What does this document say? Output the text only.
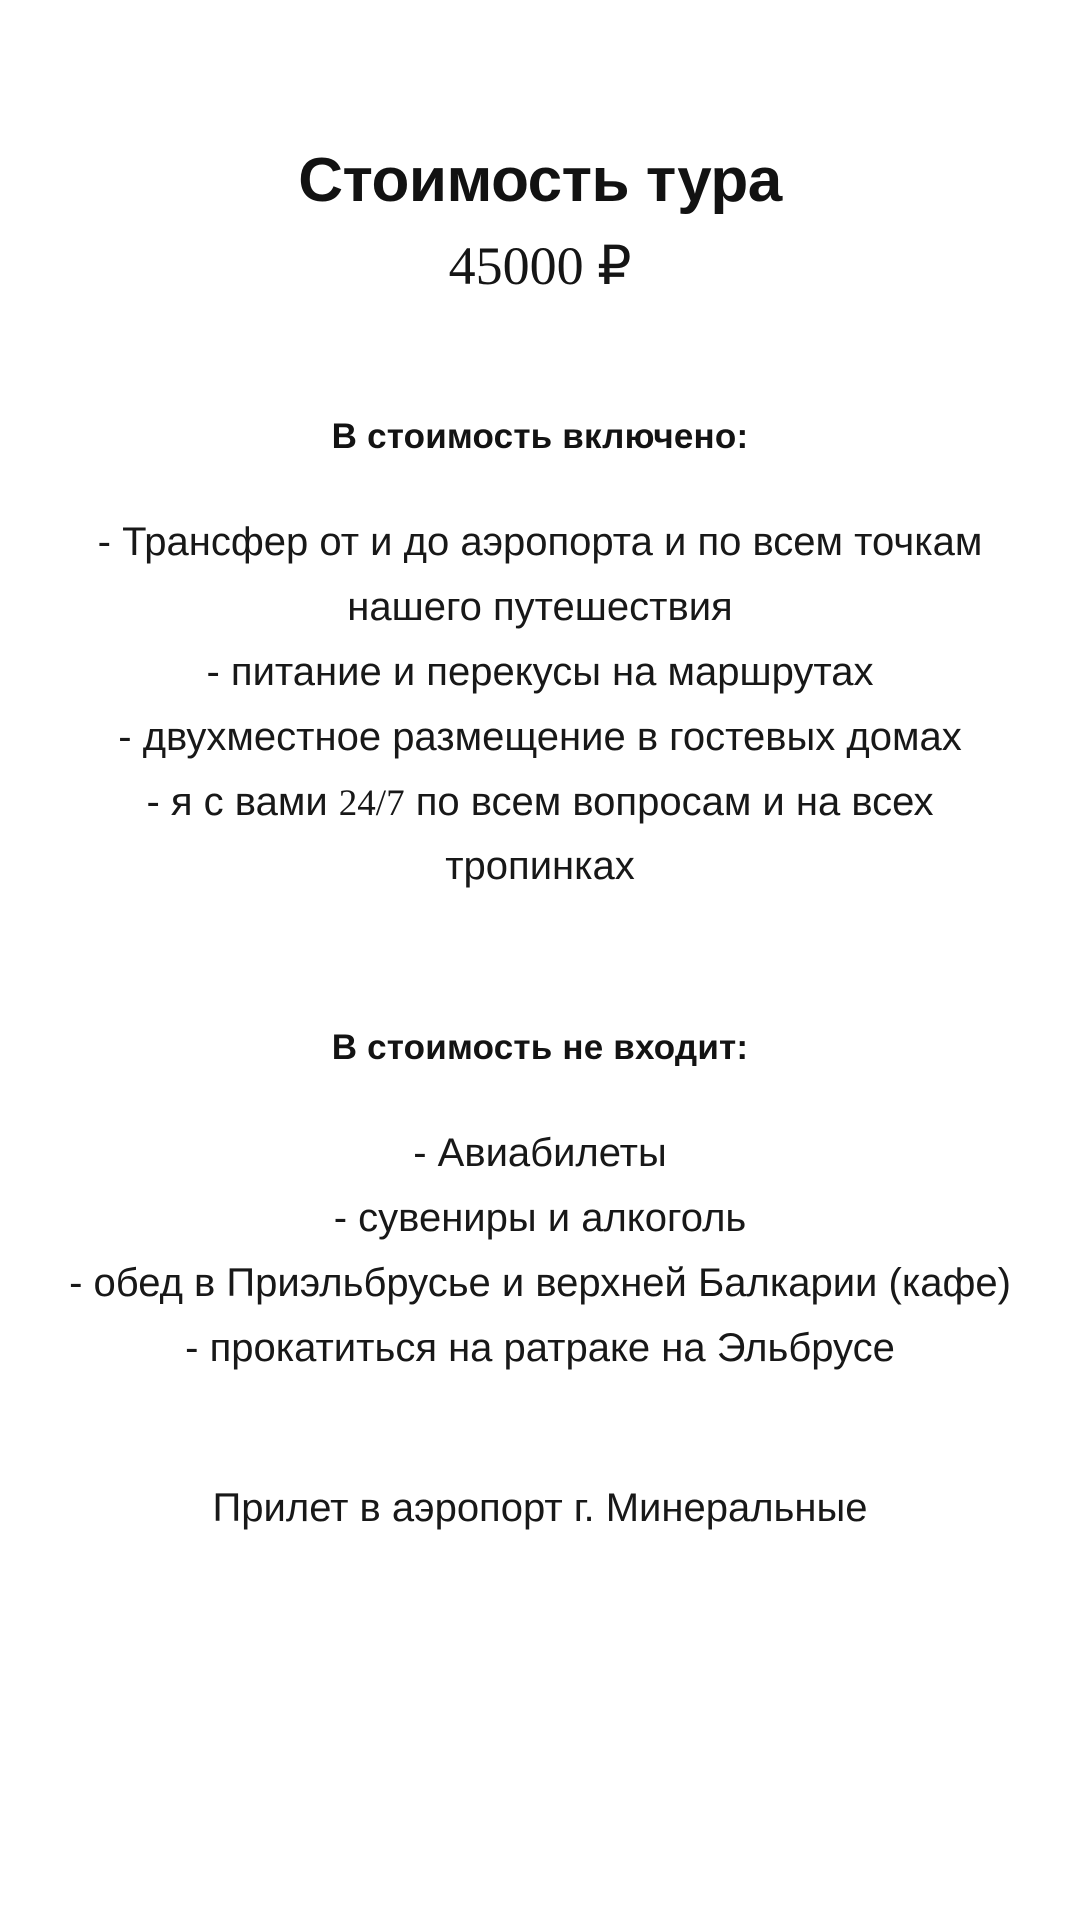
Стоимость тура
45000 ₽
В стоимость включено:
- Трансфер от и до аэропорта и по всем точкам нашего путешествия
- питание и перекусы на маршрутах
- двухместное размещение в гостевых домах
- я с вами 24/7 по всем вопросам и на всех тропинках
В стоимость не входит:
- Авиабилеты
- сувениры и алкоголь
- обед в Приэльбрусье и верхней Балкарии (кафе)
- прокатиться на ратраке на Эльбрусе
Прилет в аэропорт г. Минеральные
